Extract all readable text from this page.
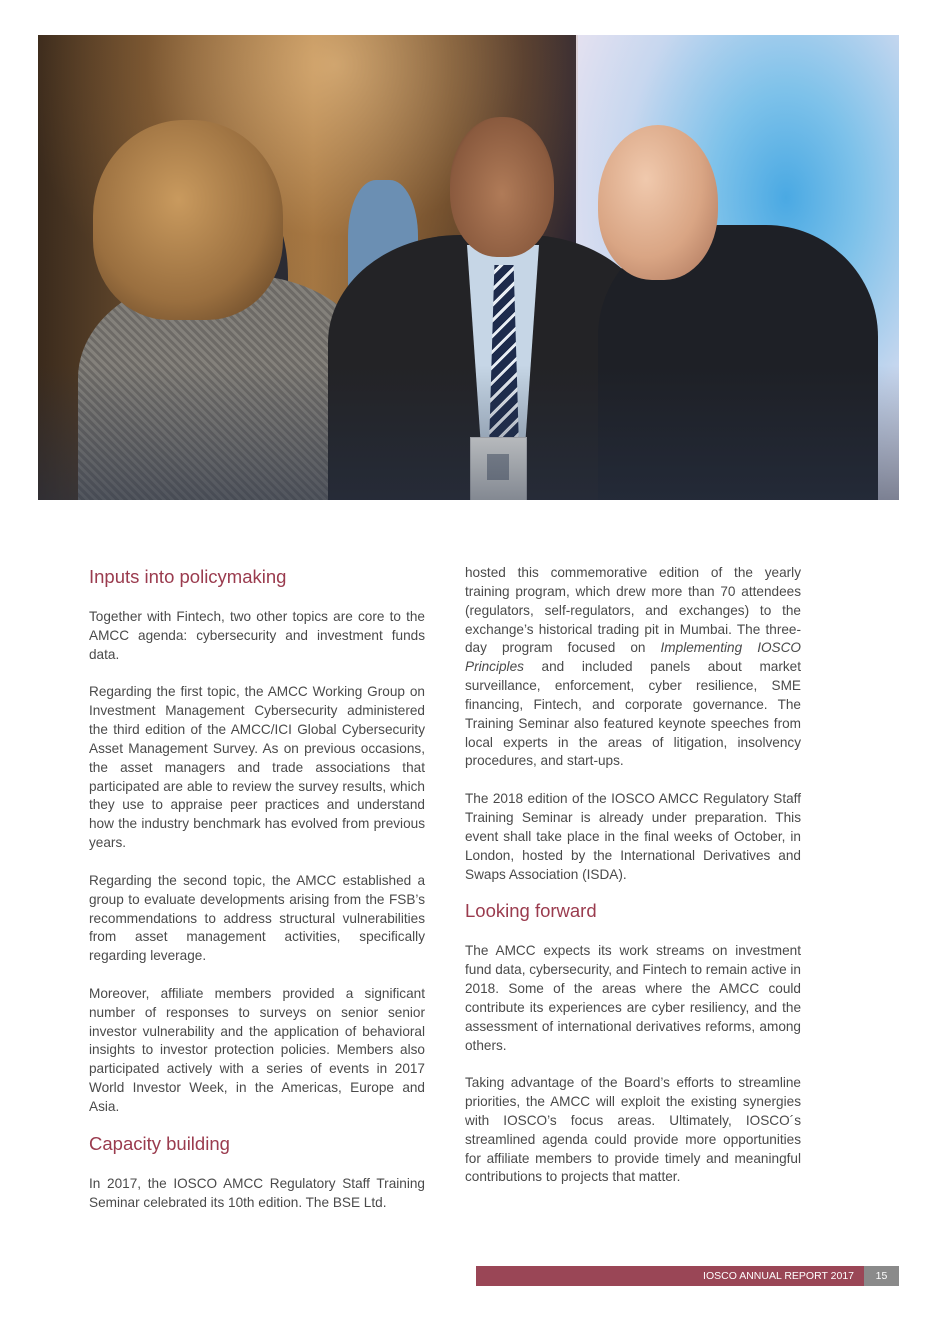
Inputs into policymaking

Together with Fintech, two other topics are core to the AMCC agenda: cybersecurity and investment funds data.

Regarding the first topic, the AMCC Working Group on Investment Management Cybersecurity administered the third edition of the AMCC/ICI Global Cybersecurity Asset Management Survey. As on previous occasions, the asset managers and trade associations that participated are able to review the survey results, which they use to appraise peer practices and understand how the industry benchmark has evolved from previous years.

Regarding the second topic, the AMCC established a group to evaluate developments arising from the FSB’s recommendations to address structural vulnerabilities from asset management activities, specifically regarding leverage.

Moreover, affiliate members provided a significant number of responses to surveys on senior senior investor vulnerability and the application of behavioral insights to investor protection policies. Members also participated actively with a series of events in 2017 World Investor Week, in the Americas, Europe and Asia.

Capacity building

In 2017, the IOSCO AMCC Regulatory Staff Training Seminar celebrated its 10th edition. The BSE Ltd.

hosted this commemorative edition of the yearly training program, which drew more than 70 attendees (regulators, self-regulators, and exchanges) to the exchange’s historical trading pit in Mumbai. The three-day program focused on Implementing IOSCO Principles and included panels about market surveillance, enforcement, cyber resilience, SME financing, Fintech, and corporate governance. The Training Seminar also featured keynote speeches from local experts in the areas of litigation, insolvency procedures, and start-ups.

The 2018 edition of the IOSCO AMCC Regulatory Staff Training Seminar is already under preparation. This event shall take place in the final weeks of October, in London, hosted by the International Derivatives and Swaps Association (ISDA).

Looking forward

The AMCC expects its work streams on investment fund data, cybersecurity, and Fintech to remain active in 2018. Some of the areas where the AMCC could contribute its experiences are cyber resiliency, and the assessment of international derivatives reforms, among others.

Taking advantage of the Board’s efforts to streamline priorities, the AMCC will exploit the existing synergies with IOSCO’s focus areas. Ultimately, IOSCO´s streamlined agenda could provide more opportunities for affiliate members to provide timely and meaningful contributions to projects that matter.

IOSCO ANNUAL REPORT 2017	15
